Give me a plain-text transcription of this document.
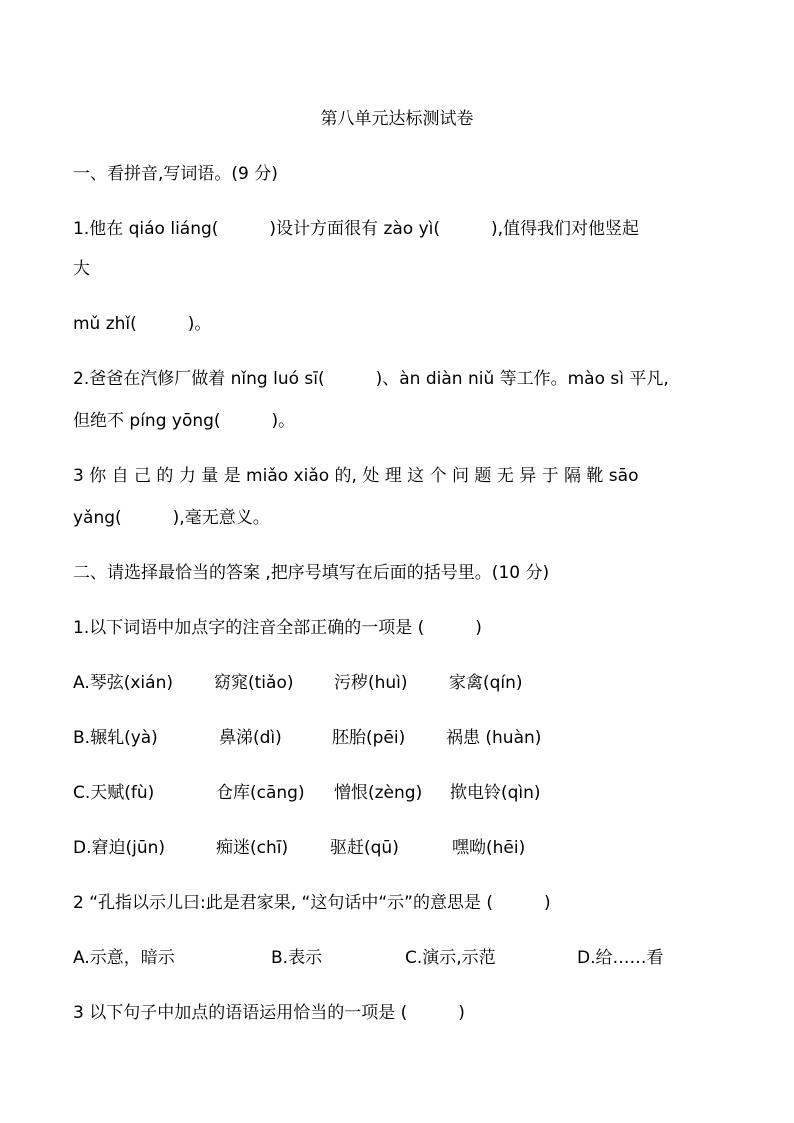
第八单元达标测试卷
一、看拼音,写词语。(9 分)
1.他在 qiáo liáng(　　　)设计方面很有 zào yì(　　　),值得我们对他竖起
大
mǔ zhǐ(　　　)。
2.爸爸在汽修厂做着 nǐng luó sī(　　　)、àn diàn niǔ 等工作。mào sì 平凡,
但绝不 píng yōng(　　　)。
3 你 自 己 的 力 量 是 miǎo xiǎo 的, 处 理 这 个 问 题 无 异 于 隔 靴 sāo
yǎng(　　　),毫无意义。
二、请选择最恰当的答案 ,把序号填写在后面的括号里。(10 分)
1.以下词语中加点字的注音全部正确的一项是 (　　　)
A.琴弦(xián) 窈窕(tiǎo) 污秽(huì) 家禽(qín)
B.辗轧(yà)	鼻涕(dì)	胚胎(pēi) 祸患 (huàn)
C.天赋(fù)	仓库(cāng) 憎恨(zèng) 揿电铃(qìn)
D.窘迫(jūn)	痴迷(chī) 驱赶(qū)	嘿呦(hēi)
2 “孔指以示儿曰:此是君家果, “这句话中“示”的意思是 (　　　)
A.示意，暗示	B.表示	C.演示,示范	D.给……看
3 以下句子中加点的语语运用恰当的一项是 (　　　)
